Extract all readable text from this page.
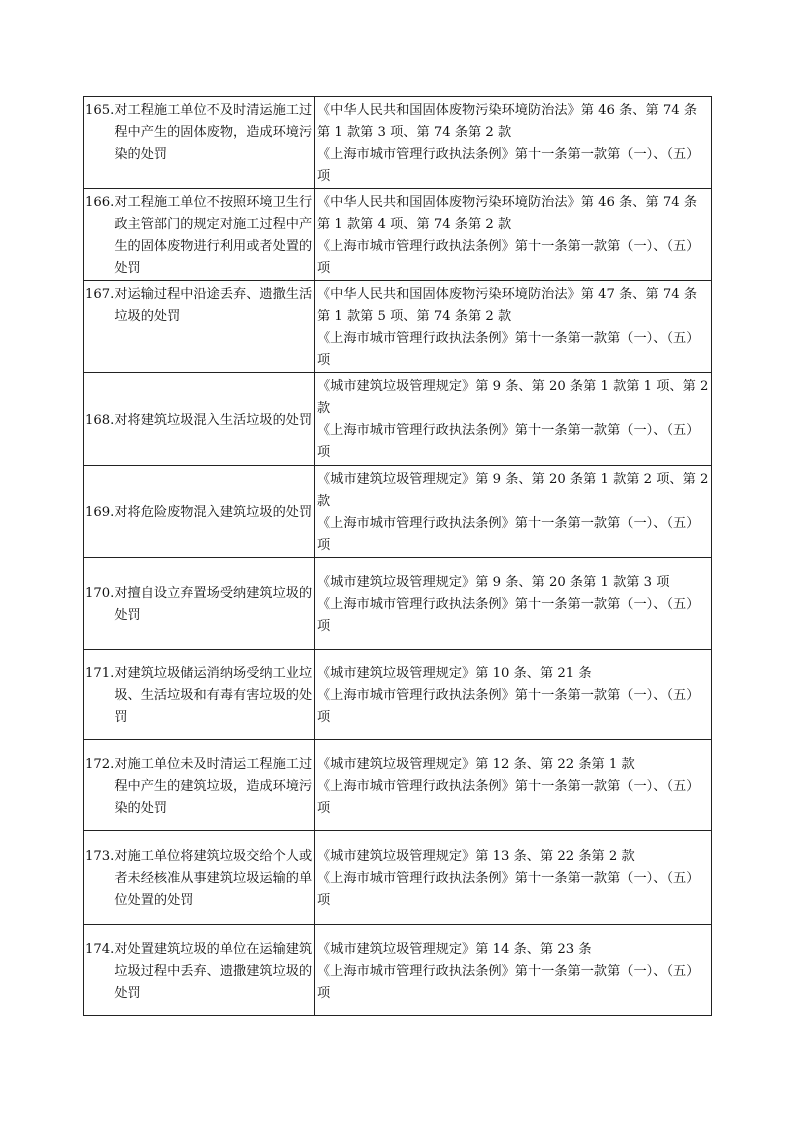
165. 对工程施工单位不及时清运施工过程中产生的固体废物，造成环境污染的处罚	《中华人民共和国固体废物污染环境防治法》第 46 条、第 74 条第 1 款第 3 项、第 74 条第 2 款
《上海市城市管理行政执法条例》第十一条第一款第（一）、（五）项

166. 对工程施工单位不按照环境卫生行政主管部门的规定对施工过程中产生的固体废物进行利用或者处置的处罚	《中华人民共和国固体废物污染环境防治法》第 46 条、第 74 条第 1 款第 4 项、第 74 条第 2 款
《上海市城市管理行政执法条例》第十一条第一款第（一）、（五）项

167. 对运输过程中沿途丢弃、遗撒生活垃圾的处罚	《中华人民共和国固体废物污染环境防治法》第 47 条、第 74 条第 1 款第 5 项、第 74 条第 2 款
《上海市城市管理行政执法条例》第十一条第一款第（一）、（五）项

168. 对将建筑垃圾混入生活垃圾的处罚	《城市建筑垃圾管理规定》第 9 条、第 20 条第 1 款第 1 项、第 2 款
《上海市城市管理行政执法条例》第十一条第一款第（一）、（五）项

169. 对将危险废物混入建筑垃圾的处罚	《城市建筑垃圾管理规定》第 9 条、第 20 条第 1 款第 2 项、第 2 款
《上海市城市管理行政执法条例》第十一条第一款第（一）、（五）项

170. 对擅自设立弃置场受纳建筑垃圾的处罚	《城市建筑垃圾管理规定》第 9 条、第 20 条第 1 款第 3 项
《上海市城市管理行政执法条例》第十一条第一款第（一）、（五）项

171. 对建筑垃圾储运消纳场受纳工业垃圾、生活垃圾和有毒有害垃圾的处罚	《城市建筑垃圾管理规定》第 10 条、第 21 条
《上海市城市管理行政执法条例》第十一条第一款第（一）、（五）项

172. 对施工单位未及时清运工程施工过程中产生的建筑垃圾，造成环境污染的处罚	《城市建筑垃圾管理规定》第 12 条、第 22 条第 1 款
《上海市城市管理行政执法条例》第十一条第一款第（一）、（五）项

173. 对施工单位将建筑垃圾交给个人或者未经核准从事建筑垃圾运输的单位处置的处罚	《城市建筑垃圾管理规定》第 13 条、第 22 条第 2 款
《上海市城市管理行政执法条例》第十一条第一款第（一）、（五）项

174. 对处置建筑垃圾的单位在运输建筑垃圾过程中丢弃、遗撒建筑垃圾的处罚	《城市建筑垃圾管理规定》第 14 条、第 23 条
《上海市城市管理行政执法条例》第十一条第一款第（一）、（五）项
